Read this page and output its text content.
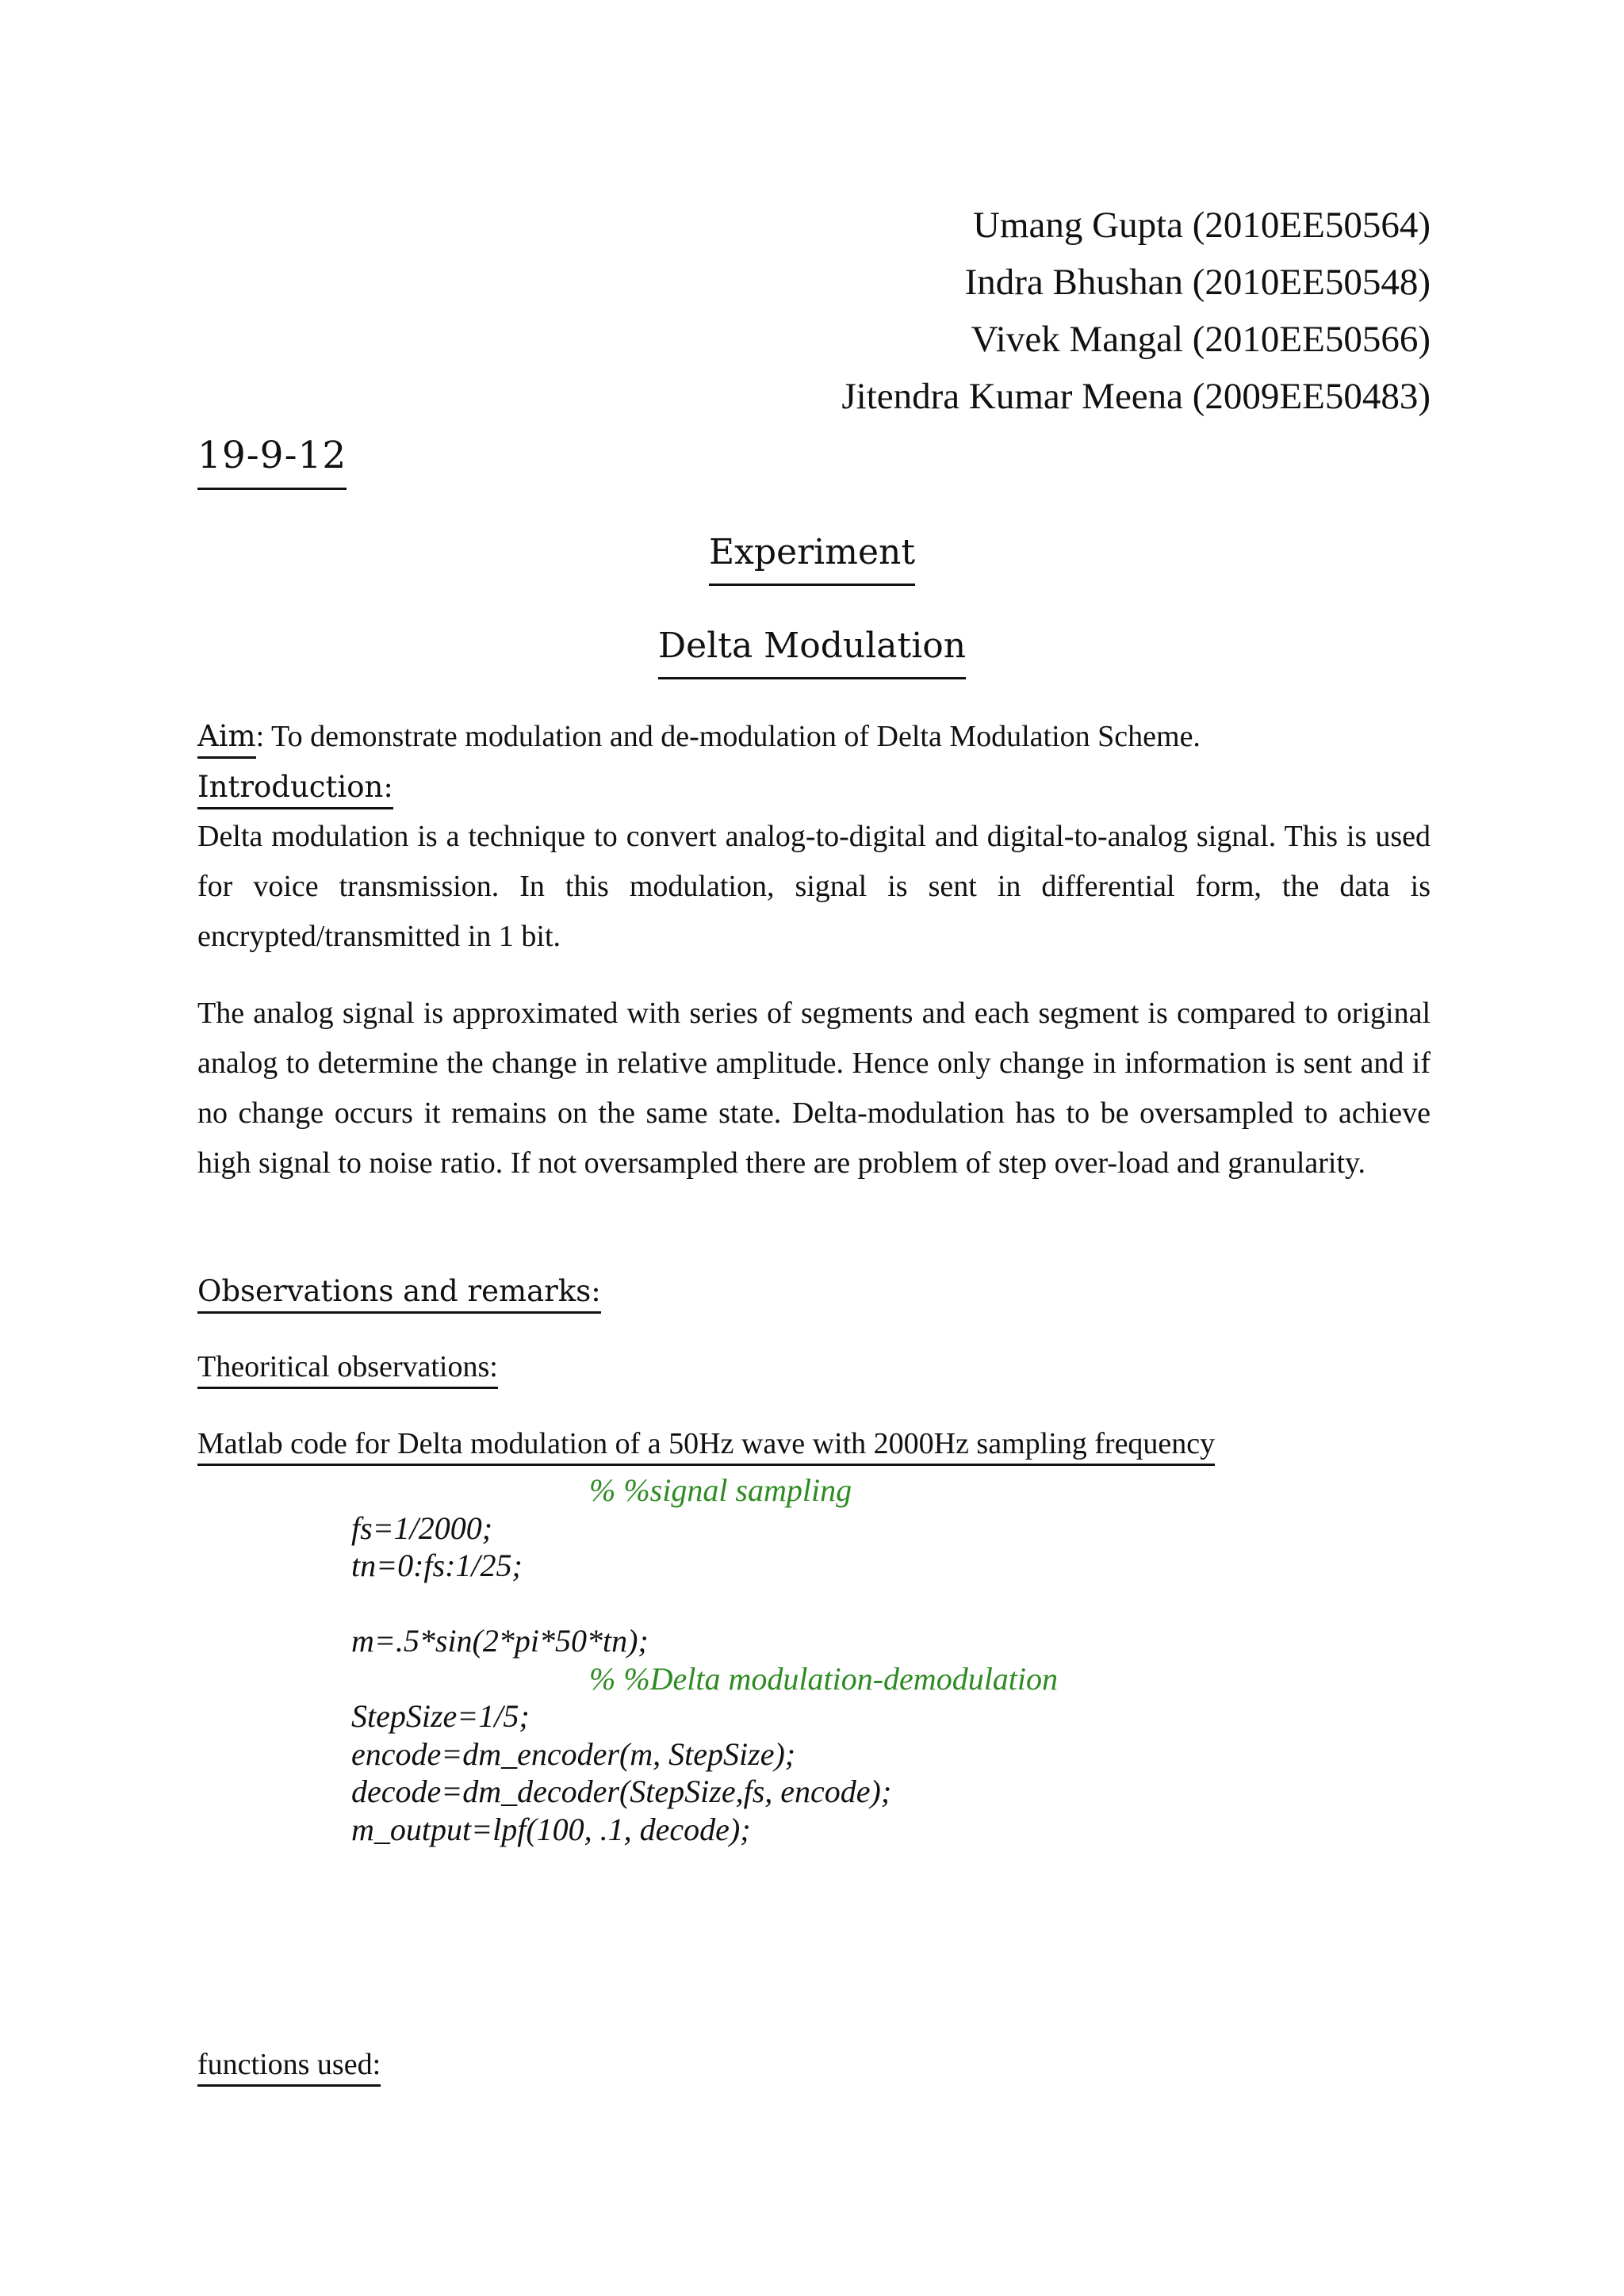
Umang Gupta (2010EE50564)
Indra Bhushan (2010EE50548)
Vivek Mangal (2010EE50566)
Jitendra Kumar Meena (2009EE50483)
19-9-12
Experiment
Delta Modulation
Aim: To demonstrate modulation and de-modulation of Delta Modulation Scheme.
Introduction:

Delta modulation is a technique to convert analog-to-digital and digital-to-analog signal. This is used for voice transmission. In this modulation, signal is sent in differential form, the data is encrypted/transmitted in 1 bit.

The analog signal is approximated with series of segments and each segment is compared to original analog to determine the change in relative amplitude. Hence only change in information is sent and if no change occurs it remains on the same state. Delta-modulation has to be oversampled to achieve high signal to noise ratio. If not oversampled there are problem of step over-load and granularity.

Observations and remarks:
Theoritical observations:
Matlab code for Delta modulation of a 50Hz wave with 2000Hz sampling frequency
% %signal sampling
fs=1/2000;
tn=0:fs:1/25;

m=.5*sin(2*pi*50*tn);
% %Delta modulation-demodulation
StepSize=1/5;
encode=dm_encoder(m, StepSize);
decode=dm_decoder(StepSize,fs, encode);
m_output=lpf(100, .1, decode);
functions used:
